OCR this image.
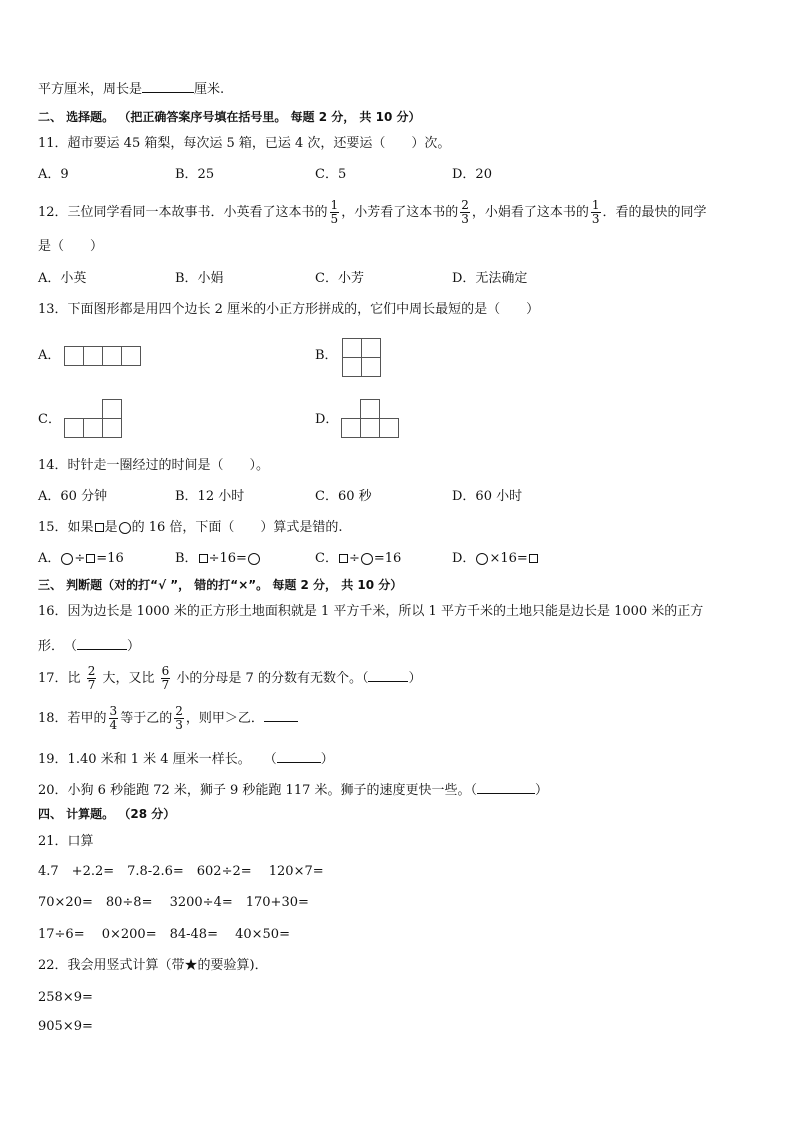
平方厘米，周长是	厘米.
二、 选择题。 （把正确答案序号填在括号里。 每题 2 分， 共 10 分）
11．超市要运 45 箱梨，每次运 5 箱，已运 4 次，还要运（　　）次。
A．9	B．25	C．5	D．20
12．三位同学看同一本故事书．小英看了这本书的 $\frac{1}{5}$ ，小芳看了这本书的 $\frac{2}{3}$ ，小娟看了这本书的 $\frac{1}{3}$ ．看的最快的同学
是（　　）
A．小英	B．小娟	C．小芳	D．无法确定
13．下面图形都是用四个边长 2 厘米的小正方形拼成的，它们中周长最短的是（　　）
A．	B．
C．	D．
14．时针走一圈经过的时间是（　　）。
A．60 分钟	B．12 小时	C．60 秒	D．60 小时
15．如果 是 的 16 倍，下面（　　）算式是错的.
A． ÷ =16	B． ÷16=	C． ÷ =16	D． ×16=
三、 判断题（对的打“√ ”， 错的打“×”。 每题 2 分， 共 10 分）
16．因为边长是 1000 米的正方形土地面积就是 1 平方千米，所以 1 平方千米的土地只能是边长是 1000 米的正方
形．　（	）
17．比 $\frac{2}{7}$ 大，又比 $\frac{6}{7}$ 小的分母是 7 的分数有无数个。（	）
18．若甲的 $\frac{3}{4}$ 等于乙的 $\frac{2}{3}$ ，则甲＞乙．
19．1.40 米和 1 米 4 厘米一样长。　　（	）
20．小狗 6 秒能跑 72 米，狮子 9 秒能跑 117 米。狮子的速度更快一些。（	）
四、 计算题。 （28 分）
21．口算
4.7　+2.2=　7.8-2.6=　602÷2=　 120×7=
70×20=　80÷8=　 3200÷4=　170+30=
17÷6=　 0×200=　84-48=　 40×50=
22．我会用竖式计算（带★的要验算)．
258×9=
905×9=
